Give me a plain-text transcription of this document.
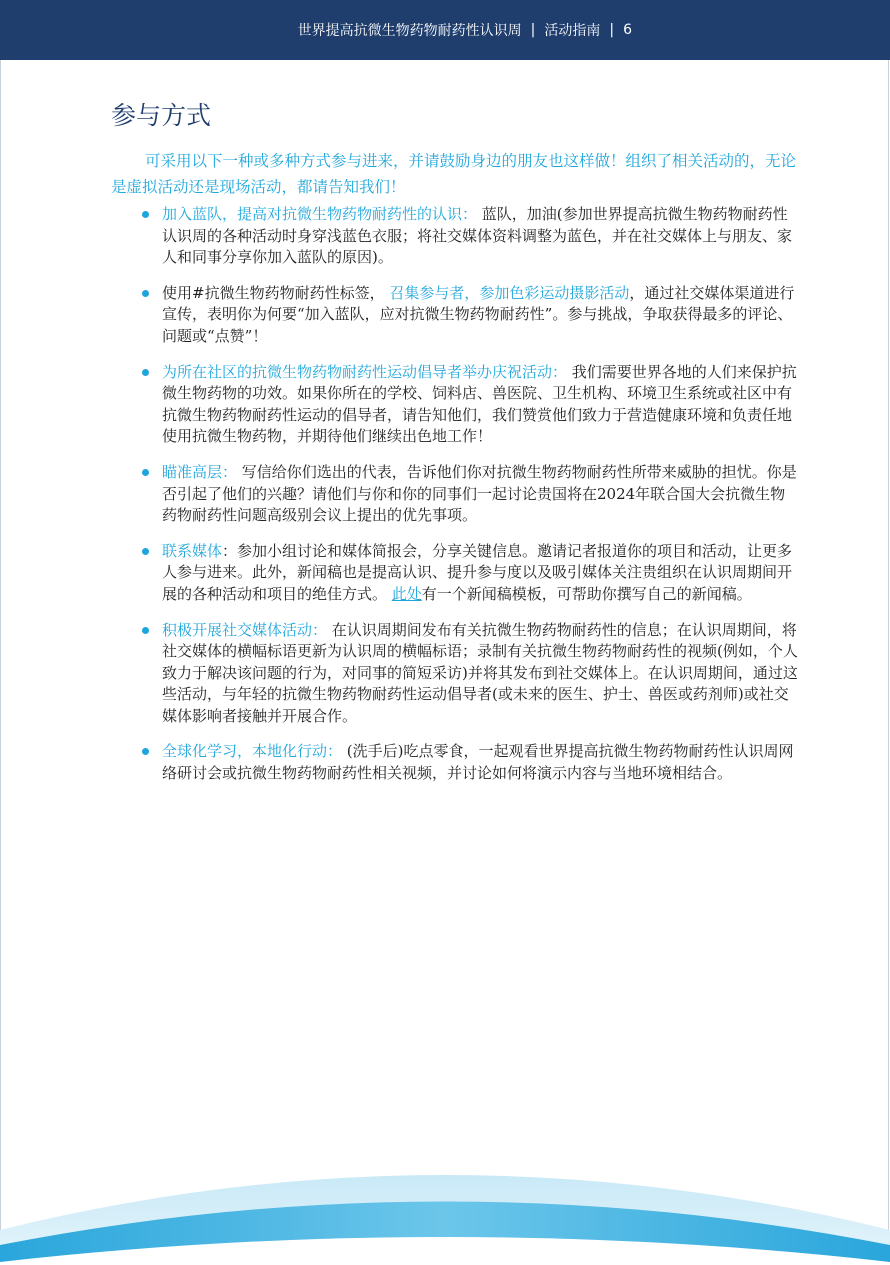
世界提高抗微生物药物耐药性认识周 | 活动指南 | 6
参与方式

可采用以下一种或多种方式参与进来，并请鼓励身边的朋友也这样做！组织了相关活动的，无论是虚拟活动还是现场活动，都请告知我们！

加入蓝队，提高对抗微生物药物耐药性的认识： 蓝队，加油(参加世界提高抗微生物药物耐药性认识周的各种活动时身穿浅蓝色衣服；将社交媒体资料调整为蓝色，并在社交媒体上与朋友、家人和同事分享你加入蓝队的原因)。
使用#抗微生物药物耐药性标签， 召集参与者，参加色彩运动摄影活动，通过社交媒体渠道进行宣传，表明你为何要“加入蓝队，应对抗微生物药物耐药性”。参与挑战，争取获得最多的评论、问题或“点赞”！
为所在社区的抗微生物药物耐药性运动倡导者举办庆祝活动： 我们需要世界各地的人们来保护抗微生物药物的功效。如果你所在的学校、饲料店、兽医院、卫生机构、环境卫生系统或社区中有抗微生物药物耐药性运动的倡导者，请告知他们，我们赞赏他们致力于营造健康环境和负责任地使用抗微生物药物，并期待他们继续出色地工作！
瞄准高层： 写信给你们选出的代表，告诉他们你对抗微生物药物耐药性所带来威胁的担忧。你是否引起了他们的兴趣？请他们与你和你的同事们一起讨论贵国将在2024年联合国大会抗微生物药物耐药性问题高级别会议上提出的优先事项。
联系媒体：参加小组讨论和媒体简报会，分享关键信息。邀请记者报道你的项目和活动，让更多人参与进来。此外，新闻稿也是提高认识、提升参与度以及吸引媒体关注贵组织在认识周期间开展的各种活动和项目的绝佳方式。 此处有一个新闻稿模板，可帮助你撰写自己的新闻稿。
积极开展社交媒体活动： 在认识周期间发布有关抗微生物药物耐药性的信息；在认识周期间，将社交媒体的横幅标语更新为认识周的横幅标语；录制有关抗微生物药物耐药性的视频(例如，个人致力于解决该问题的行为，对同事的简短采访)并将其发布到社交媒体上。在认识周期间，通过这些活动，与年轻的抗微生物药物耐药性运动倡导者(或未来的医生、护士、兽医或药剂师)或社交媒体影响者接触并开展合作。
全球化学习，本地化行动： (洗手后)吃点零食，一起观看世界提高抗微生物药物耐药性认识周网络研讨会或抗微生物药物耐药性相关视频，并讨论如何将演示内容与当地环境相结合。
